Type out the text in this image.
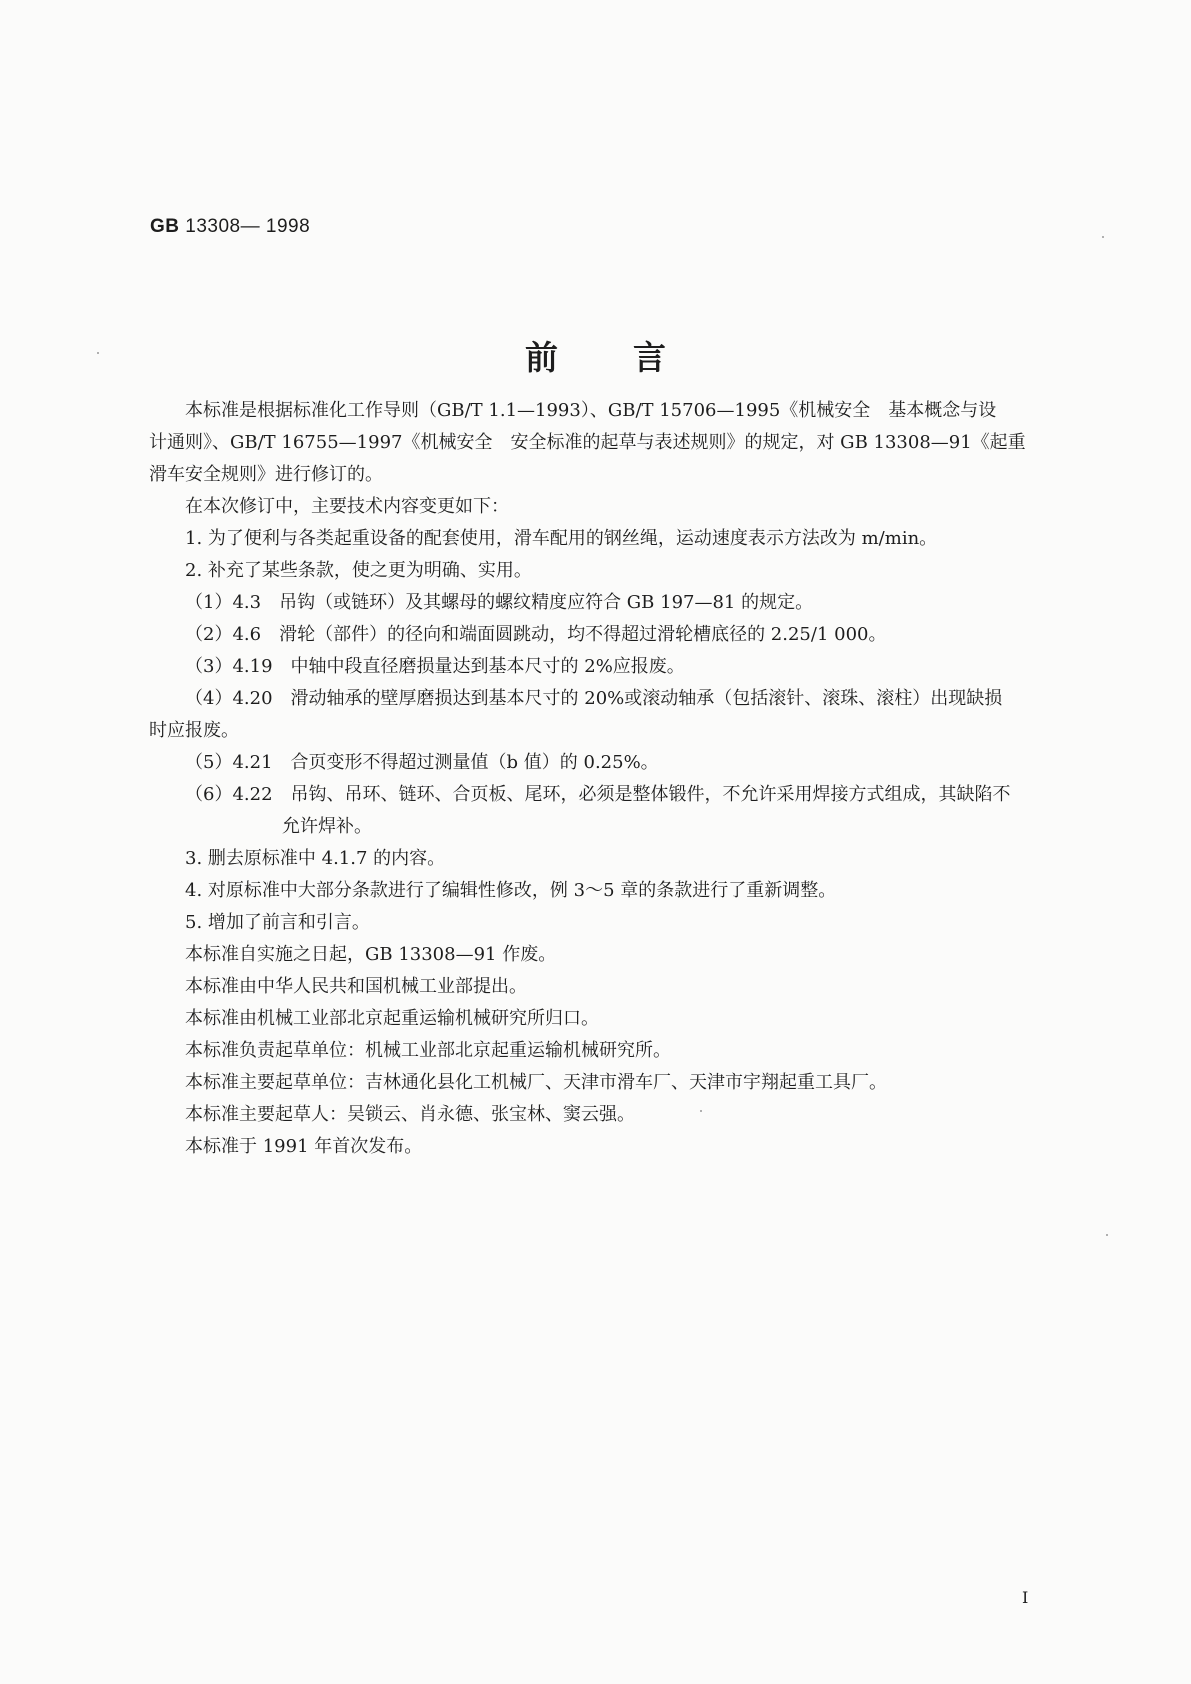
GB 13308— 1998
前言

本标准是根据标准化工作导则（GB/T 1.1—1993）、GB/T 15706—1995《机械安全　基本概念与设

计通则》、GB/T 16755—1997《机械安全　安全标准的起草与表述规则》的规定，对 GB 13308—91《起重

滑车安全规则》进行修订的。

在本次修订中，主要技术内容变更如下：

1. 为了便利与各类起重设备的配套使用，滑车配用的钢丝绳，运动速度表示方法改为 m/min。

2. 补充了某些条款，使之更为明确、实用。

（1）4.3　吊钩（或链环）及其螺母的螺纹精度应符合 GB 197—81 的规定。

（2）4.6　滑轮（部件）的径向和端面圆跳动，均不得超过滑轮槽底径的 2.25/1 000。

（3）4.19　中轴中段直径磨损量达到基本尺寸的 2%应报废。

（4）4.20　滑动轴承的壁厚磨损达到基本尺寸的 20%或滚动轴承（包括滚针、滚珠、滚柱）出现缺损

时应报废。

（5）4.21　合页变形不得超过测量值（b 值）的 0.25%。

（6）4.22　吊钩、吊环、链环、合页板、尾环，必须是整体锻件，不允许采用焊接方式组成，其缺陷不

允许焊补。

3. 删去原标准中 4.1.7 的内容。

4. 对原标准中大部分条款进行了编辑性修改，例 3～5 章的条款进行了重新调整。

5. 增加了前言和引言。

本标准自实施之日起，GB 13308—91 作废。

本标准由中华人民共和国机械工业部提出。

本标准由机械工业部北京起重运输机械研究所归口。

本标准负责起草单位：机械工业部北京起重运输机械研究所。

本标准主要起草单位：吉林通化县化工机械厂、天津市滑车厂、天津市宇翔起重工具厂。

本标准主要起草人：吴锁云、肖永德、张宝林、窦云强。

本标准于 1991 年首次发布。

I
